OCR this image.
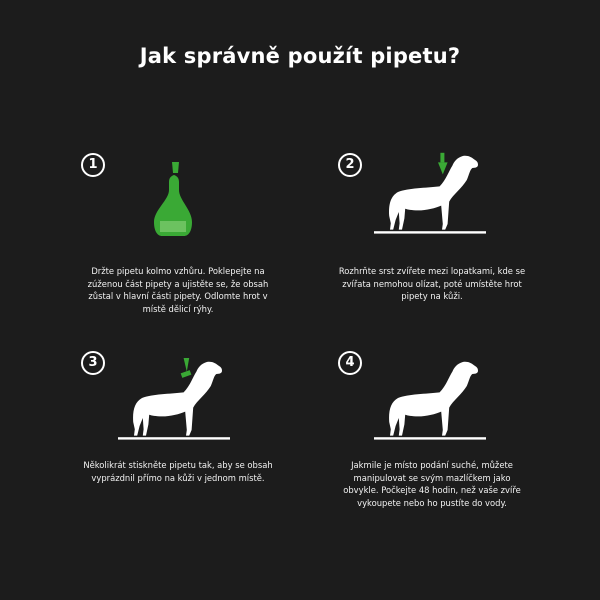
Jak správně použít pipetu?
1
Držte pipetu kolmo vzhůru. Poklepejte na zúženou část pipety a ujistěte se, že obsah zůstal v hlavní části pipety. Odlomte hrot v místě dělicí rýhy.
2
Rozhrňte srst zvířete mezi lopatkami, kde se zvířata nemohou olízat, poté umístěte hrot pipety na kůži.
3
Několikrát stiskněte pipetu tak, aby se obsah vyprázdnil přímo na kůži v jednom místě.
4
Jakmile je místo podání suché, můžete manipulovat se svým mazlíčkem jako obvykle. Počkejte 48 hodin, než vaše zvíře vykoupete nebo ho pustíte do vody.
